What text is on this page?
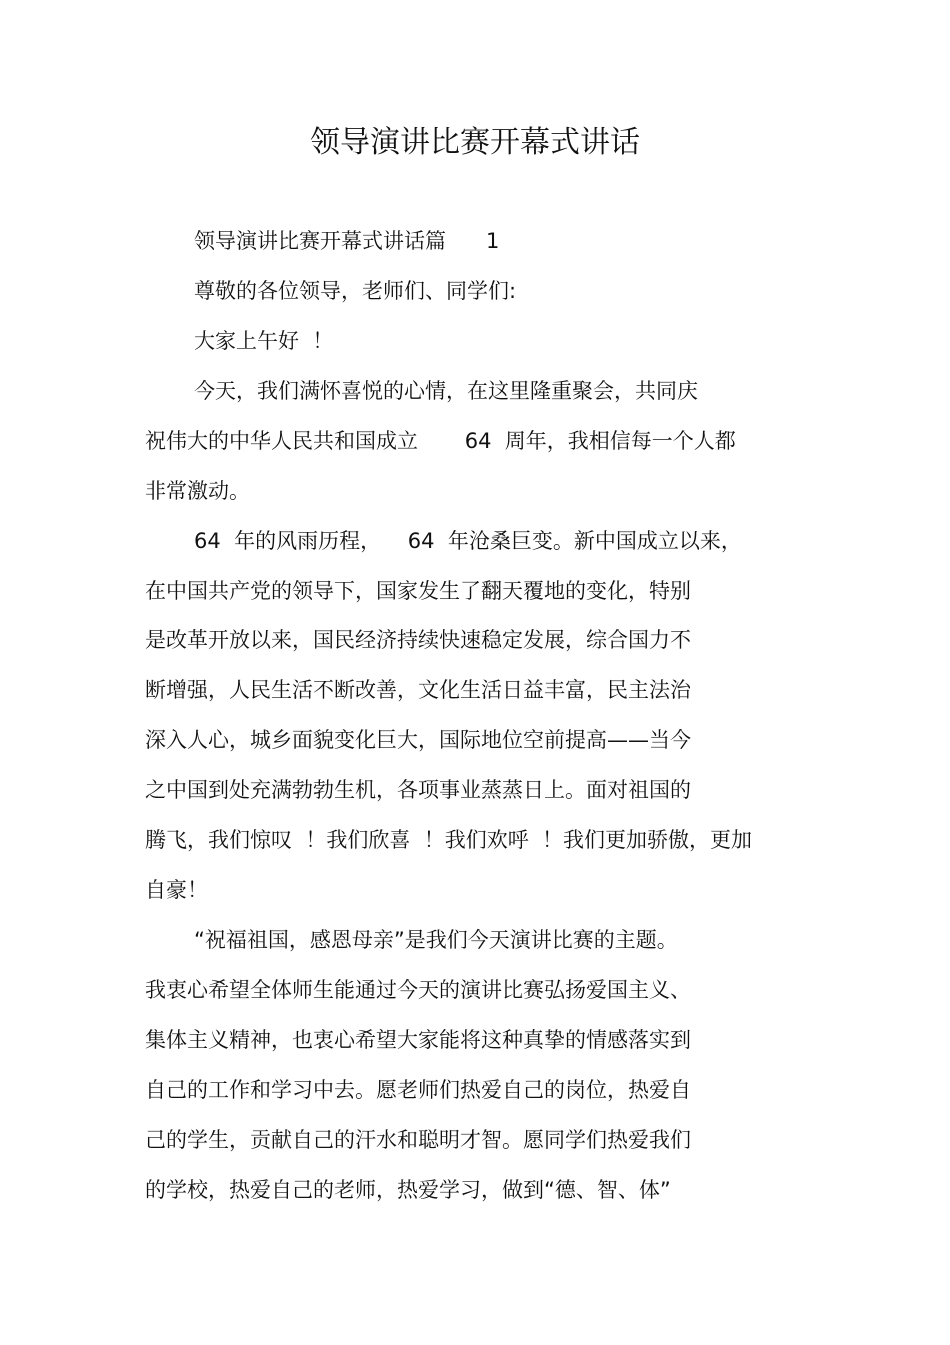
领导演讲比赛开幕式讲话
领导演讲比赛开幕式讲话篇      1
尊敬的各位领导，老师们、同学们:
大家上午好  ！
今天，我们满怀喜悦的心情，在这里隆重聚会，共同庆
祝伟大的中华人民共和国成立       64  周年，我相信每一个人都
非常激动。
64  年的风雨历程，    64  年沧桑巨变。新中国成立以来，
在中国共产党的领导下，国家发生了翻天覆地的变化，特别
是改革开放以来，国民经济持续快速稳定发展，综合国力不
断增强，人民生活不断改善，文化生活日益丰富，民主法治
深入人心，城乡面貌变化巨大，国际地位空前提高——当今
之中国到处充满勃勃生机，各项事业蒸蒸日上。面对祖国的
腾飞，我们惊叹  ！我们欣喜  ！我们欢呼  ！我们更加骄傲，更加
自豪！
“祝福祖国，感恩母亲”是我们今天演讲比赛的主题。
我衷心希望全体师生能通过今天的演讲比赛弘扬爱国主义、
集体主义精神，也衷心希望大家能将这种真挚的情感落实到
自己的工作和学习中去。愿老师们热爱自己的岗位，热爱自
己的学生，贡献自己的汗水和聪明才智。愿同学们热爱我们
的学校，热爱自己的老师，热爱学习，做到“德、智、体”
